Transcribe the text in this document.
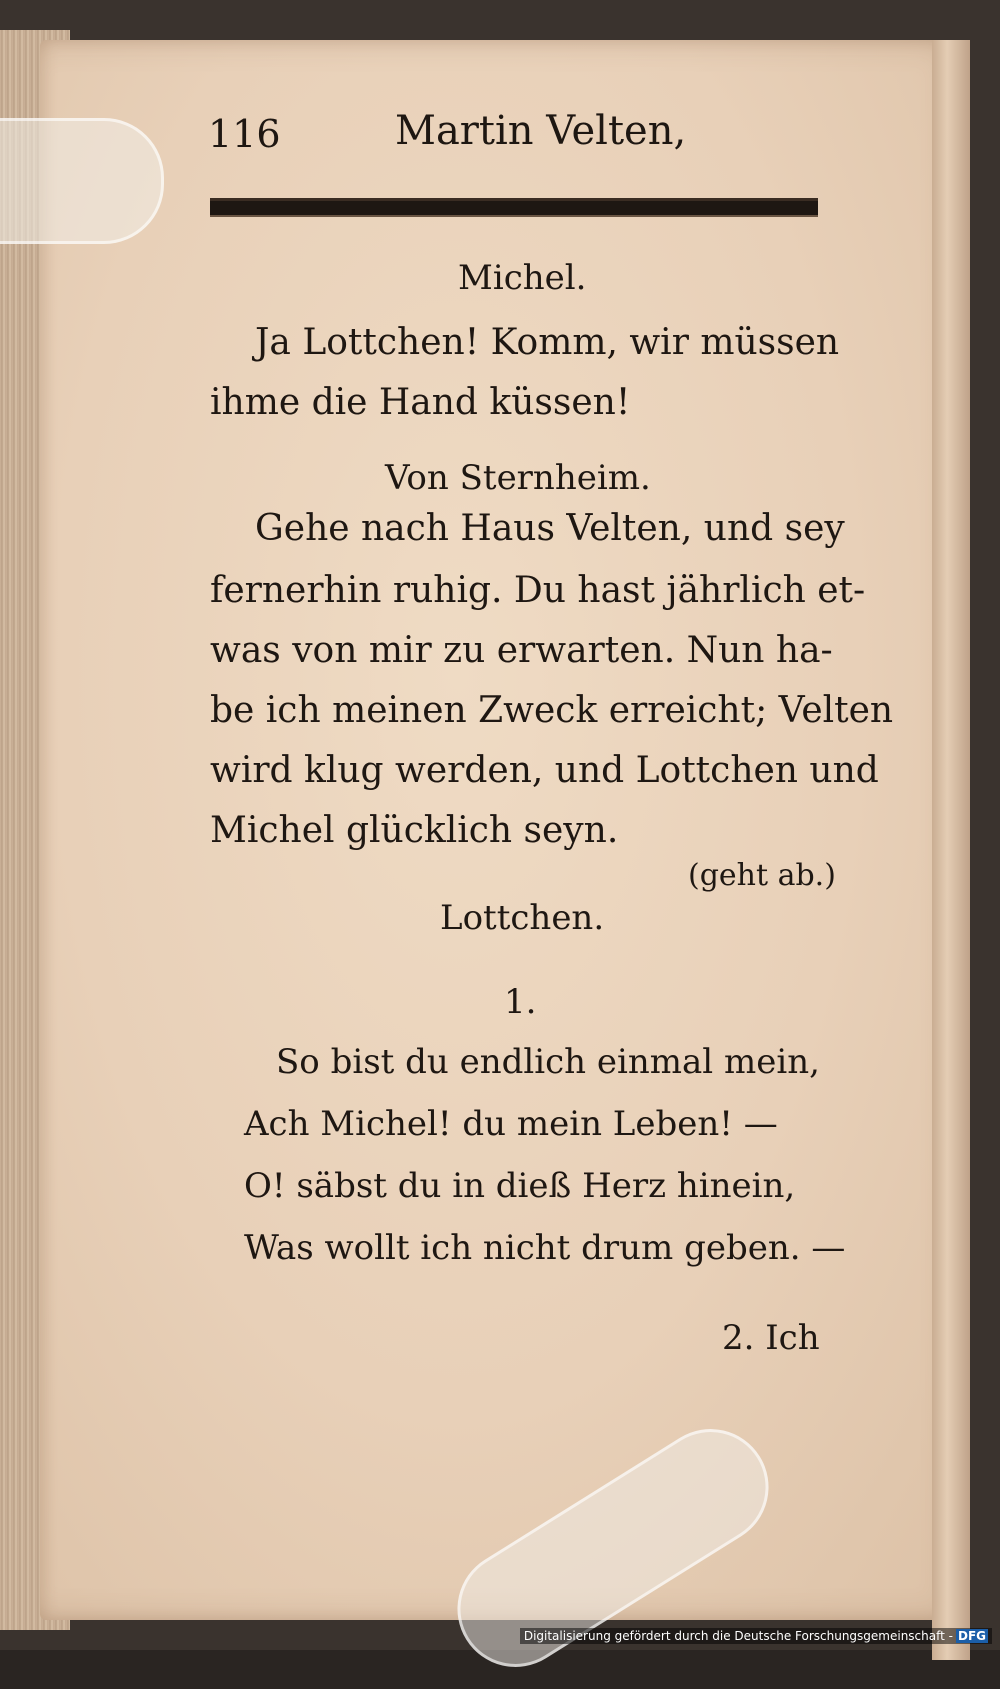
116	Martin Velten,
Michel.
Ja Lottchen! Komm, wir müssen
ihme die Hand küssen!
Von Sternheim.
Gehe nach Haus Velten, und sey
fernerhin ruhig. Du hast jährlich et-
was von mir zu erwarten. Nun ha-
be ich meinen Zweck erreicht; Velten
wird klug werden, und Lottchen und
Michel glücklich seyn.
(geht ab.)
Lottchen.
1.
So bist du endlich einmal mein,
Ach Michel! du mein Leben! —
O! säbst du in dieß Herz hinein,
Was wollt ich nicht drum geben. —
2. Ich
Digitalisierung gefördert durch die Deutsche Forschungsgemeinschaft - DFG
